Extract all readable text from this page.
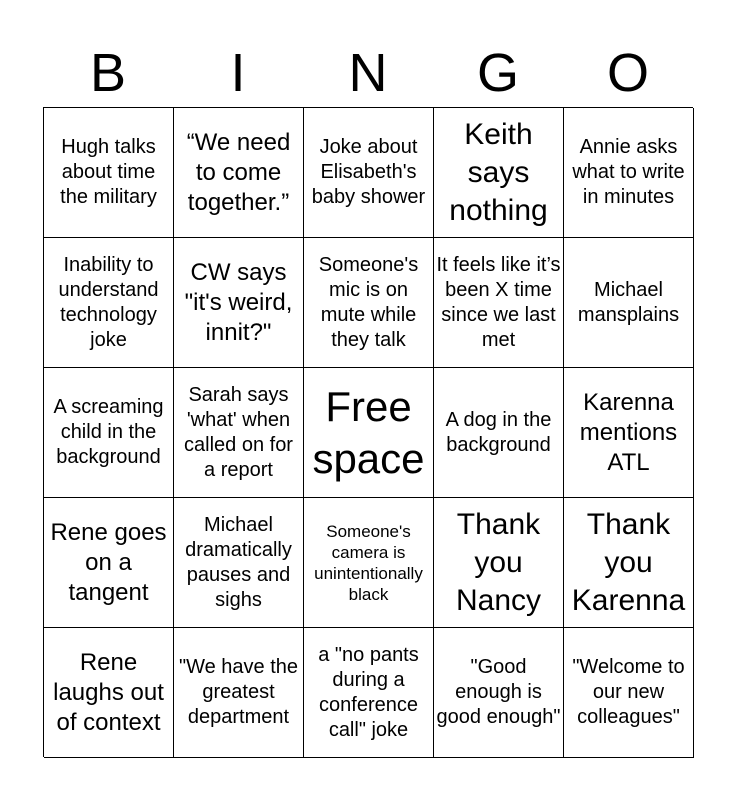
B	I	N	G	O
Hugh talks about time the military
“We need to come together.”
Joke about Elisabeth's baby shower
Keith says nothing
Annie asks what to write in minutes
Inability to understand technology joke
CW says "it's weird, innit?"
Someone's mic is on mute while they talk
It feels like it’s been X time since we last met
Michael mansplains
A screaming child in the background
Sarah says 'what' when called on for a report
Free space
A dog in the background
Karenna mentions ATL
Rene goes on a tangent
Michael dramatically pauses and sighs
Someone's camera is unintentionally black
Thank you Nancy
Thank you Karenna
Rene laughs out of context
"We have the greatest department
a "no pants during a conference call" joke
"Good enough is good enough"
"Welcome to our new colleagues"
